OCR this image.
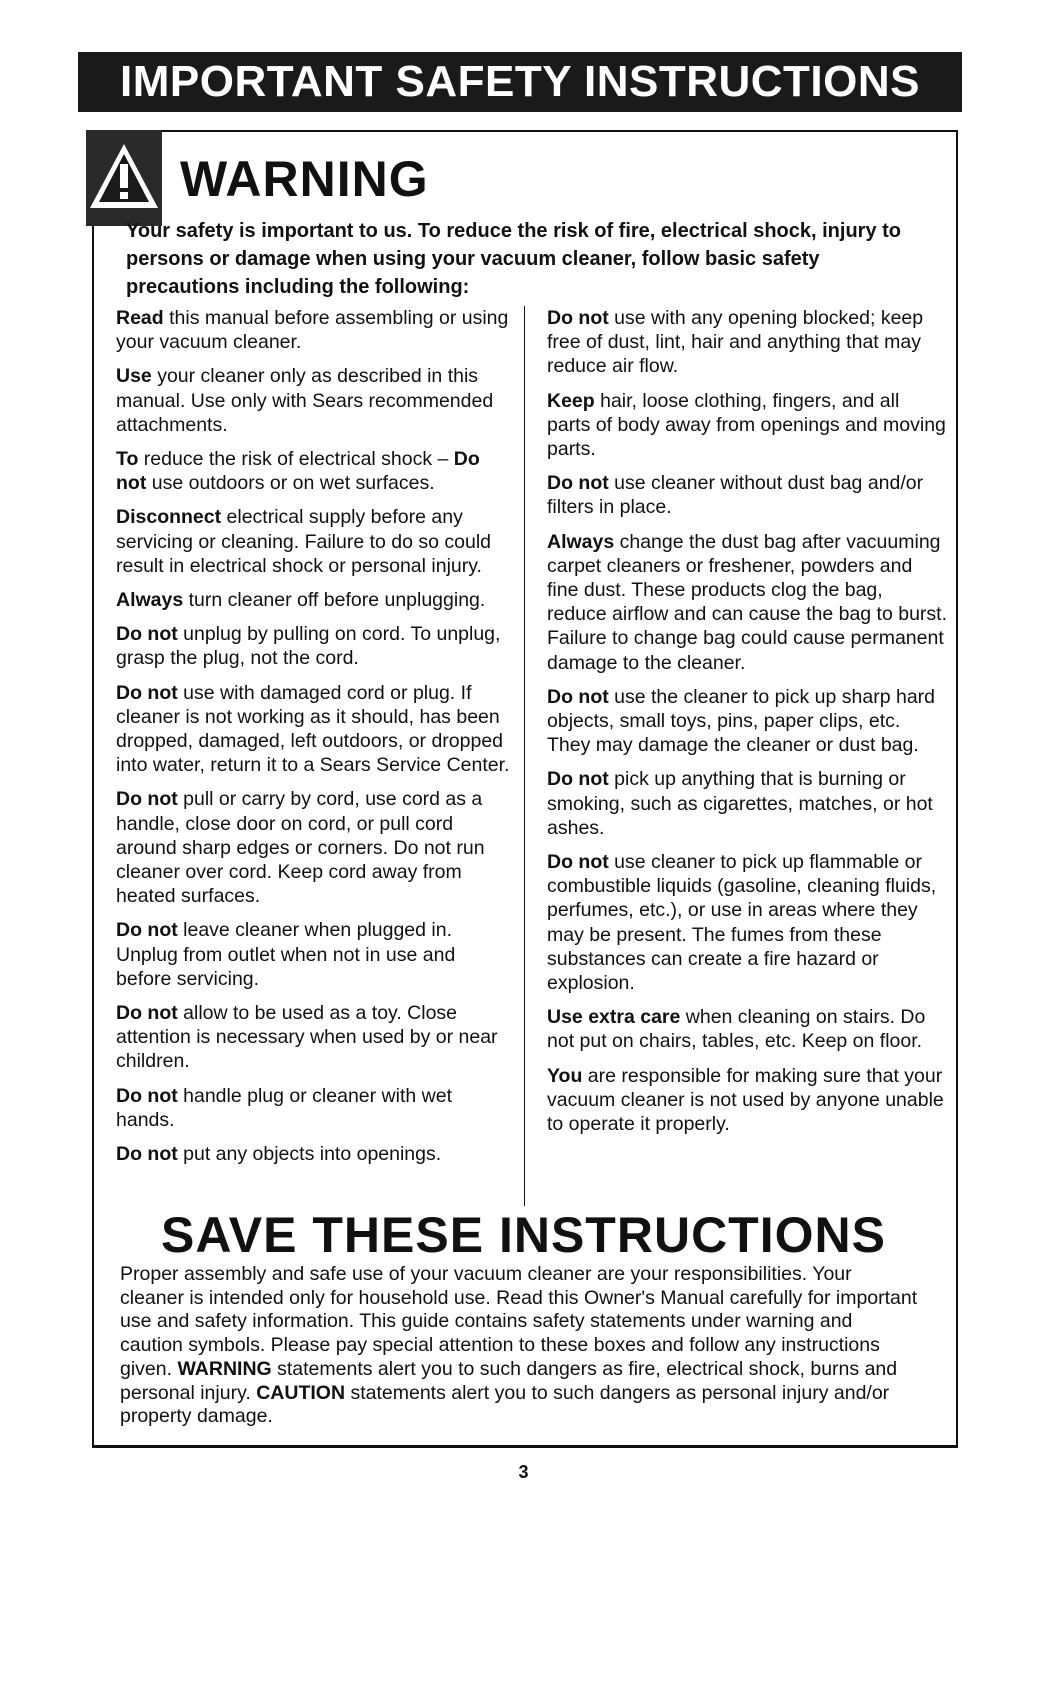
IMPORTANT SAFETY INSTRUCTIONS
WARNING

Your safety is important to us. To reduce the risk of fire, electrical shock, injury to persons or damage when using your vacuum cleaner, follow basic safety precautions including the following:

Read this manual before assembling or using your vacuum cleaner.

Use your cleaner only as described in this manual. Use only with Sears recommended attachments.

To reduce the risk of electrical shock – Do not use outdoors or on wet surfaces.

Disconnect electrical supply before any servicing or cleaning. Failure to do so could result in electrical shock or personal injury.

Always turn cleaner off before unplugging.

Do not unplug by pulling on cord. To unplug, grasp the plug, not the cord.

Do not use with damaged cord or plug. If cleaner is not working as it should, has been dropped, damaged, left outdoors, or dropped into water, return it to a Sears Service Center.

Do not pull or carry by cord, use cord as a handle, close door on cord, or pull cord around sharp edges or corners. Do not run cleaner over cord. Keep cord away from heated surfaces.

Do not leave cleaner when plugged in. Unplug from outlet when not in use and before servicing.

Do not allow to be used as a toy. Close attention is necessary when used by or near children.

Do not handle plug or cleaner with wet hands.

Do not put any objects into openings.

Do not use with any opening blocked; keep free of dust, lint, hair and anything that may reduce air flow.

Keep hair, loose clothing, fingers, and all parts of body away from openings and moving parts.

Do not use cleaner without dust bag and/or filters in place.

Always change the dust bag after vacuuming carpet cleaners or freshener, powders and fine dust. These products clog the bag, reduce airflow and can cause the bag to burst. Failure to change bag could cause permanent damage to the cleaner.

Do not use the cleaner to pick up sharp hard objects, small toys, pins, paper clips, etc. They may damage the cleaner or dust bag.

Do not pick up anything that is burning or smoking, such as cigarettes, matches, or hot ashes.

Do not use cleaner to pick up flammable or combustible liquids (gasoline, cleaning fluids, perfumes, etc.), or use in areas where they may be present. The fumes from these substances can create a fire hazard or explosion.

Use extra care when cleaning on stairs. Do not put on chairs, tables, etc. Keep on floor.

You are responsible for making sure that your vacuum cleaner is not used by anyone unable to operate it properly.

SAVE THESE INSTRUCTIONS

Proper assembly and safe use of your vacuum cleaner are your responsibilities. Your cleaner is intended only for household use. Read this Owner's Manual carefully for important use and safety information. This guide contains safety statements under warning and caution symbols. Please pay special attention to these boxes and follow any instructions given. WARNING statements alert you to such dangers as fire, electrical shock, burns and personal injury. CAUTION statements alert you to such dangers as personal injury and/or property damage.

3
